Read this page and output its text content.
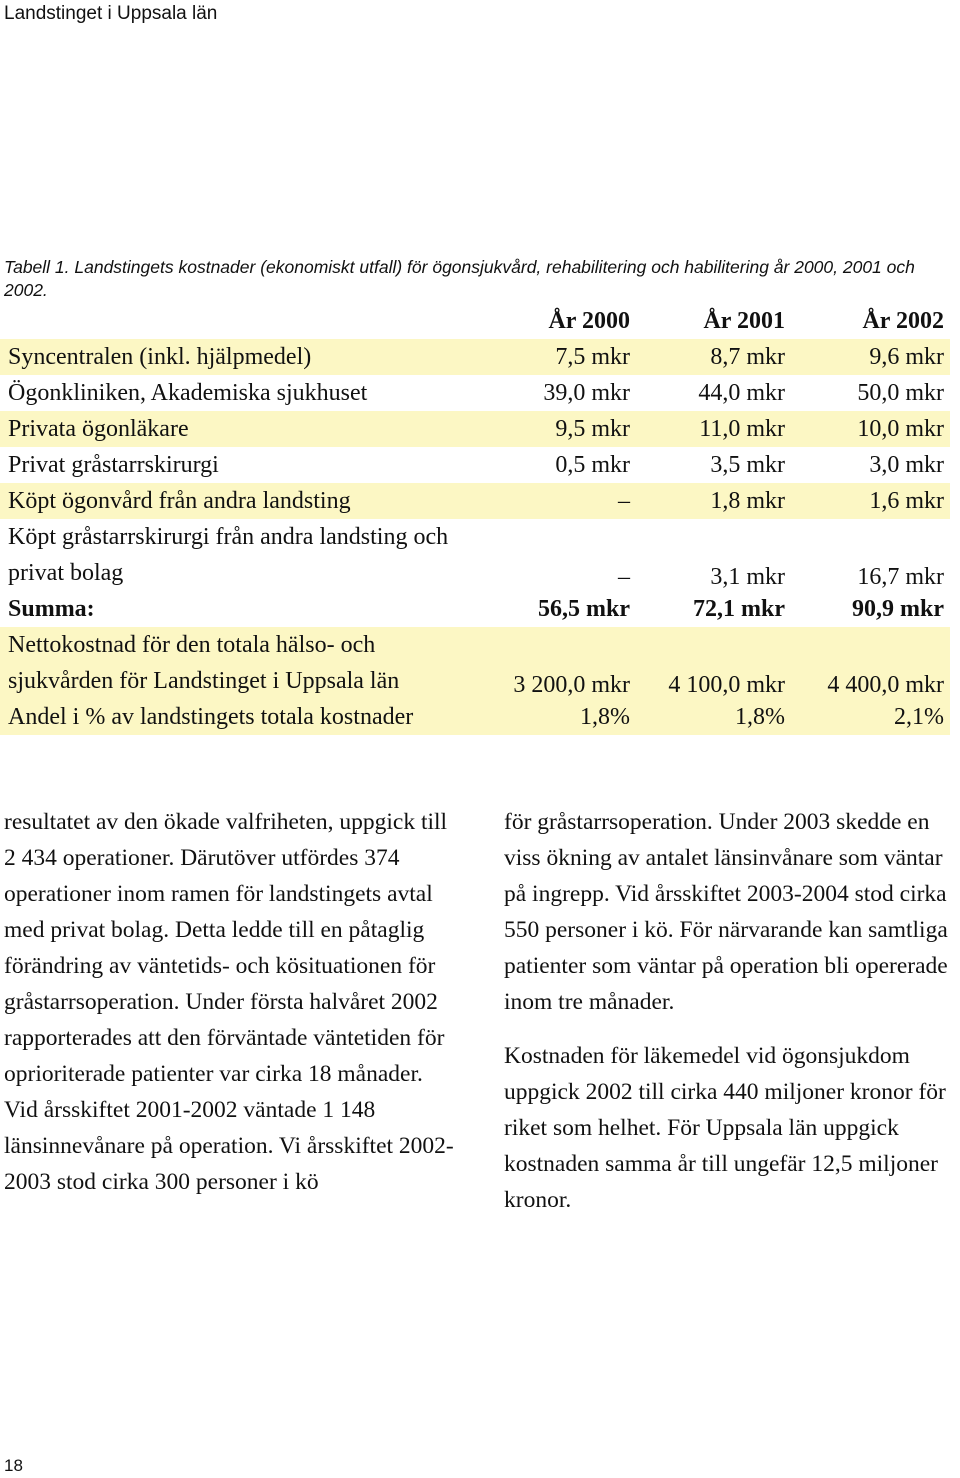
Landstinget i Uppsala län
Tabell 1. Landstingets kostnader (ekonomiskt utfall) för ögonsjukvård, rehabilitering och habilitering år 2000, 2001 och 2002.
	År 2000	År 2001	År 2002
Syncentralen (inkl. hjälpmedel)	7,5 mkr	8,7 mkr	9,6 mkr
Ögonkliniken, Akademiska sjukhuset	39,0 mkr	44,0 mkr	50,0 mkr
Privata ögonläkare	9,5 mkr	11,0 mkr	10,0 mkr
Privat gråstarrskirurgi	0,5 mkr	3,5 mkr	3,0 mkr
Köpt ögonvård från andra landsting	–	1,8 mkr	1,6 mkr
Köpt gråstarrskirurgi från andra landsting och privat bolag	–	3,1 mkr	16,7 mkr
Summa:	56,5 mkr	72,1 mkr	90,9 mkr
Nettokostnad för den totala hälso- och sjukvården för Landstinget i Uppsala län	3 200,0 mkr	4 100,0 mkr	4 400,0 mkr
Andel i % av landstingets totala kostnader	1,8%	1,8%	2,1%

resultatet av den ökade valfriheten, uppgick till 2 434 operationer. Därutöver utfördes 374 operationer inom ramen för landstingets avtal med privat bolag. Detta ledde till en påtaglig förändring av väntetids- och kösituationen för gråstarrsoperation. Under första halvåret 2002 rapporterades att den förväntade väntetiden för oprioriterade patienter var cirka 18 månader. Vid årsskiftet 2001-2002 väntade 1 148 länsinnevånare på operation. Vi årsskiftet 2002-2003 stod cirka 300 personer i kö

för gråstarrsoperation. Under 2003 skedde en viss ökning av antalet länsinvånare som väntar på ingrepp. Vid årsskiftet 2003-2004 stod cirka 550 personer i kö. För närvarande kan samtliga patienter som väntar på operation bli opererade inom tre månader.

Kostnaden för läkemedel vid ögonsjukdom uppgick 2002 till cirka 440 miljoner kronor för riket som helhet. För Uppsala län uppgick kostnaden samma år till ungefär 12,5 miljoner kronor.

18
